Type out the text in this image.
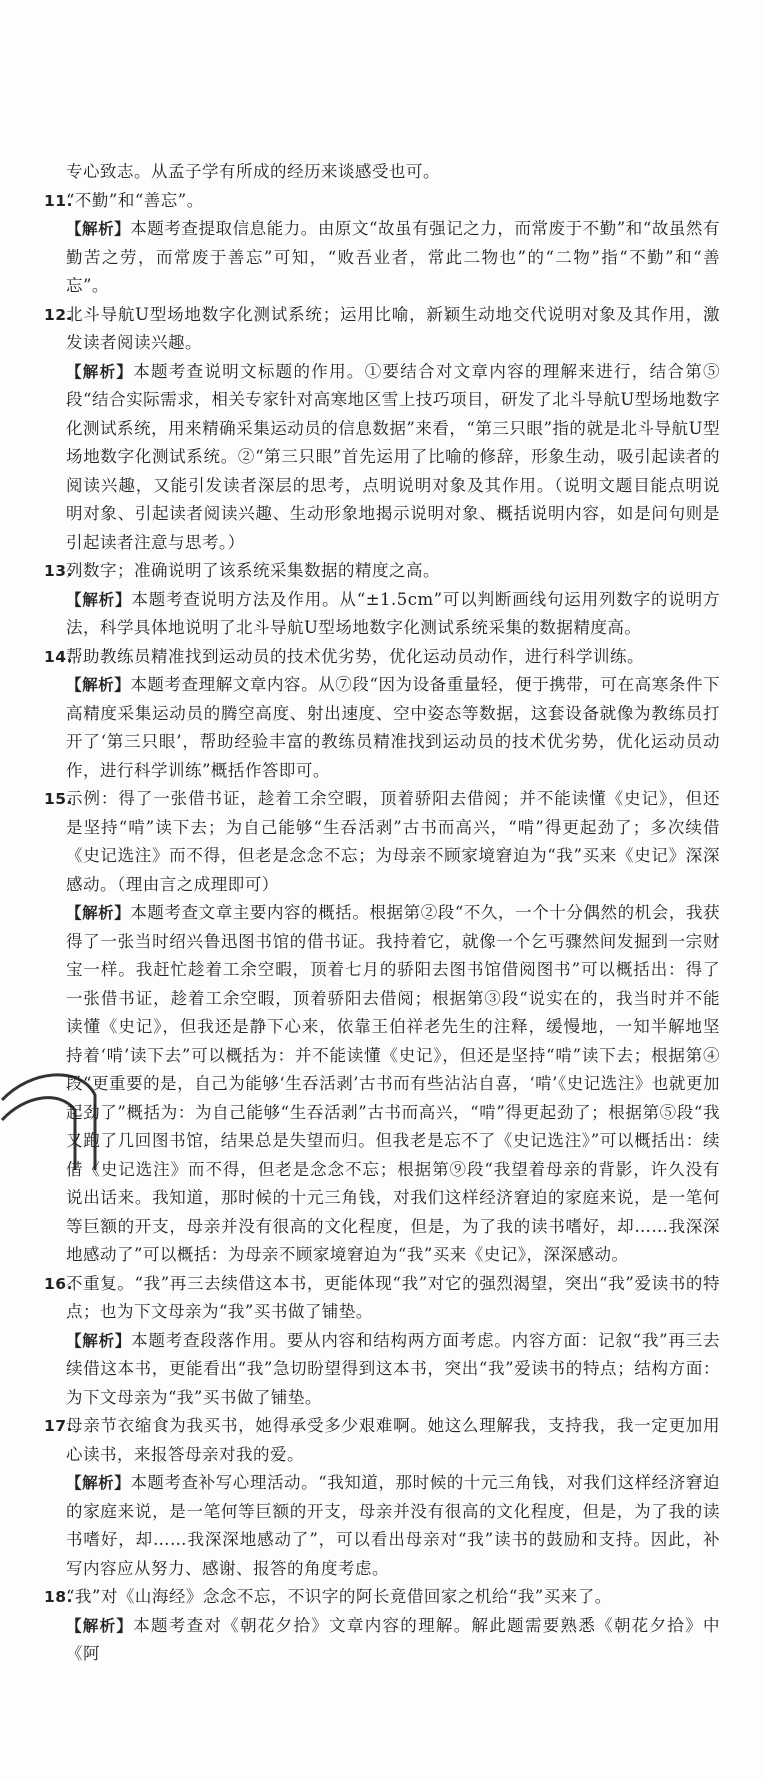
专心致志。从孟子学有所成的经历来谈感受也可。

11.
“不勤”和“善忘”。

【解析】本题考查提取信息能力。由原文“故虽有强记之力，而常废于不勤”和“故虽然有勤苦之劳，而常废于善忘”可知，“败吾业者，常此二物也”的“二物”指“不勤”和“善忘”。

12.
北斗导航U型场地数字化测试系统；运用比喻，新颖生动地交代说明对象及其作用，激发读者阅读兴趣。

【解析】本题考查说明文标题的作用。①要结合对文章内容的理解来进行，结合第⑤段“结合实际需求，相关专家针对高寒地区雪上技巧项目，研发了北斗导航U型场地数字化测试系统，用来精确采集运动员的信息数据”来看，“第三只眼”指的就是北斗导航U型场地数字化测试系统。②“第三只眼”首先运用了比喻的修辞，形象生动，吸引起读者的阅读兴趣，又能引发读者深层的思考，点明说明对象及其作用。（说明文题目能点明说明对象、引起读者阅读兴趣、生动形象地揭示说明对象、概括说明内容，如是问句则是引起读者注意与思考。）

13.
列数字；准确说明了该系统采集数据的精度之高。

【解析】本题考查说明方法及作用。从“±1.5cm”可以判断画线句运用列数字的说明方法，科学具体地说明了北斗导航U型场地数字化测试系统采集的数据精度高。

14.
帮助教练员精准找到运动员的技术优劣势，优化运动员动作，进行科学训练。

【解析】本题考查理解文章内容。从⑦段“因为设备重量轻，便于携带，可在高寒条件下高精度采集运动员的腾空高度、射出速度、空中姿态等数据，这套设备就像为教练员打开了‘第三只眼’，帮助经验丰富的教练员精准找到运动员的技术优劣势，优化运动员动作，进行科学训练”概括作答即可。

15.
示例：得了一张借书证，趁着工余空暇，顶着骄阳去借阅；并不能读懂《史记》，但还是坚持“啃”读下去；为自己能够“生吞活剥”古书而高兴，“啃”得更起劲了；多次续借《史记选注》而不得，但老是念念不忘；为母亲不顾家境窘迫为“我”买来《史记》深深感动。（理由言之成理即可）

【解析】本题考查文章主要内容的概括。根据第②段“不久，一个十分偶然的机会，我获得了一张当时绍兴鲁迅图书馆的借书证。我持着它，就像一个乞丐骤然间发掘到一宗财宝一样。我赶忙趁着工余空暇，顶着七月的骄阳去图书馆借阅图书”可以概括出：得了一张借书证，趁着工余空暇，顶着骄阳去借阅；根据第③段“说实在的，我当时并不能读懂《史记》，但我还是静下心来，依靠王伯祥老先生的注释，缓慢地，一知半解地坚持着‘啃’读下去”可以概括为：并不能读懂《史记》，但还是坚持“啃”读下去；根据第④段“更重要的是，自己为能够‘生吞活剥’古书而有些沾沾自喜，‘啃’《史记选注》也就更加起劲了”概括为：为自己能够“生吞活剥”古书而高兴，“啃”得更起劲了；根据第⑤段“我又跑了几回图书馆，结果总是失望而归。但我老是忘不了《史记选注》”可以概括出：续借《史记选注》而不得，但老是念念不忘；根据第⑨段“我望着母亲的背影，许久没有说出话来。我知道，那时候的十元三角钱，对我们这样经济窘迫的家庭来说，是一笔何等巨额的开支，母亲并没有很高的文化程度，但是，为了我的读书嗜好，却……我深深地感动了”可以概括：为母亲不顾家境窘迫为“我”买来《史记》，深深感动。

16.
不重复。“我”再三去续借这本书，更能体现“我”对它的强烈渴望，突出“我”爱读书的特点；也为下文母亲为“我”买书做了铺垫。

【解析】本题考查段落作用。要从内容和结构两方面考虑。内容方面：记叙“我”再三去续借这本书，更能看出“我”急切盼望得到这本书，突出“我”爱读书的特点；结构方面：为下文母亲为“我”买书做了铺垫。

17.
母亲节衣缩食为我买书，她得承受多少艰难啊。她这么理解我，支持我，我一定更加用心读书，来报答母亲对我的爱。

【解析】本题考查补写心理活动。“我知道，那时候的十元三角钱，对我们这样经济窘迫的家庭来说，是一笔何等巨额的开支，母亲并没有很高的文化程度，但是，为了我的读书嗜好，却……我深深地感动了”，可以看出母亲对“我”读书的鼓励和支持。因此，补写内容应从努力、感谢、报答的角度考虑。

18.
“我”对《山海经》念念不忘，不识字的阿长竟借回家之机给“我”买来了。

【解析】本题考查对《朝花夕拾》文章内容的理解。解此题需要熟悉《朝花夕拾》中《阿
